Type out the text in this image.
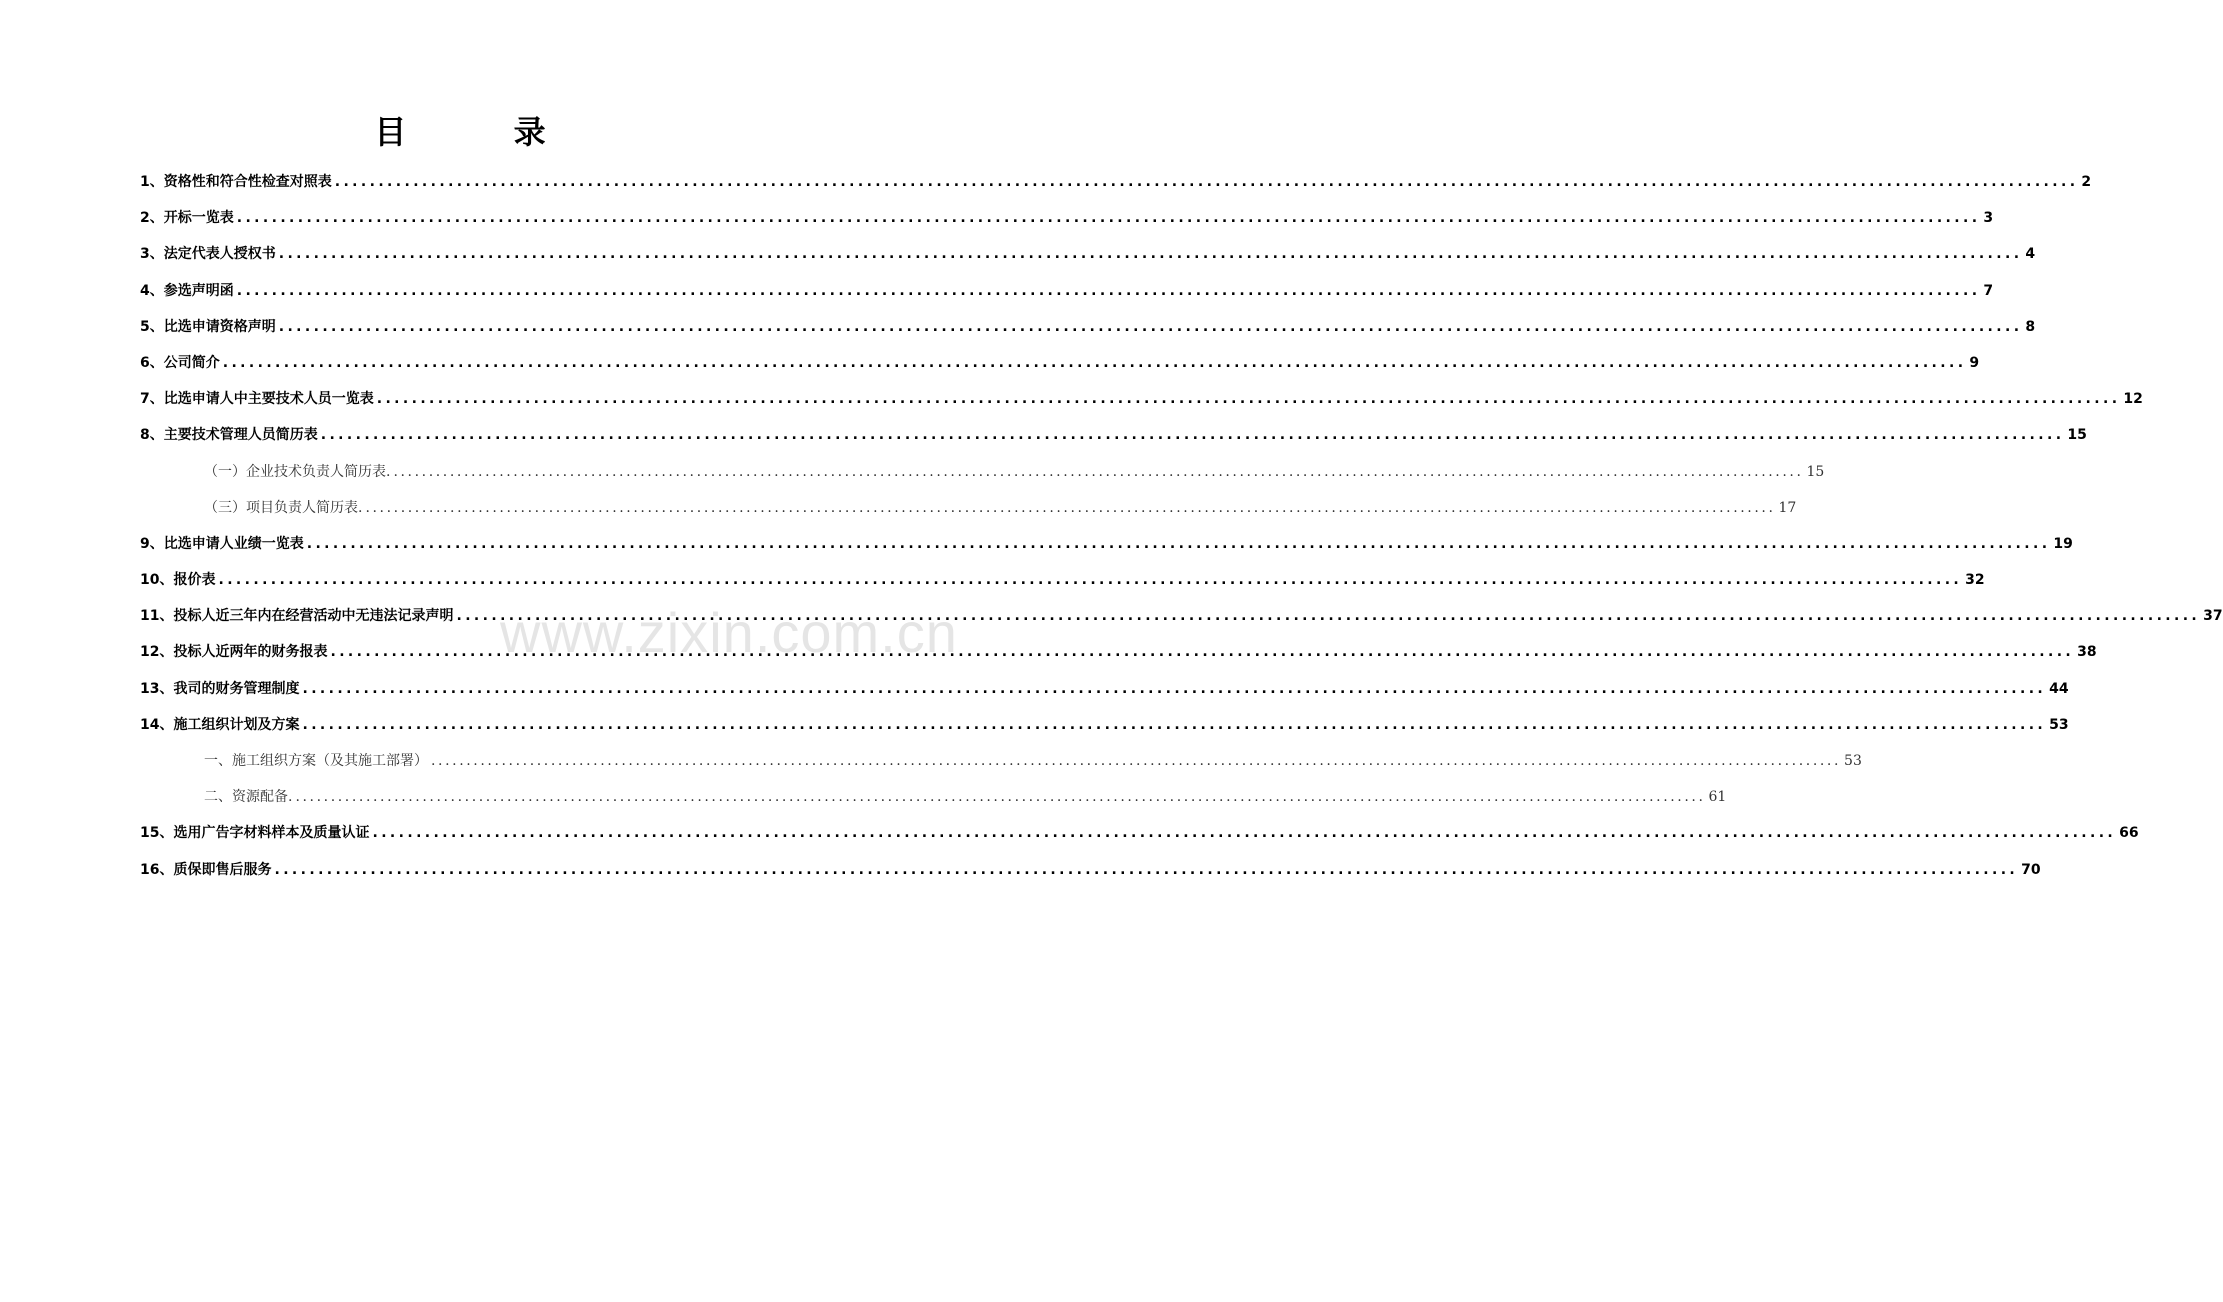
目 录
1、资格性和符合性检查对照表 ........................................................................................................................................................................................................ 2
2、开标一览表 ........................................................................................................................................................................................................ 3
3、法定代表人授权书 ........................................................................................................................................................................................................ 4
4、参选声明函 ........................................................................................................................................................................................................ 7
5、比选申请资格声明 ........................................................................................................................................................................................................ 8
6、公司简介 ........................................................................................................................................................................................................ 9
7、比选申请人中主要技术人员一览表 ........................................................................................................................................................................................................ 12
8、主要技术管理人员简历表 ........................................................................................................................................................................................................ 15
（一）企业技术负责人简历表. ........................................................................................................................................................................................................ 15
（三）项目负责人简历表. ........................................................................................................................................................................................................ 17
9、比选申请人业绩一览表 ........................................................................................................................................................................................................ 19
10、报价表 ........................................................................................................................................................................................................ 32
11、投标人近三年内在经营活动中无违法记录声明 ........................................................................................................................................................................................................ 37
12、投标人近两年的财务报表 ........................................................................................................................................................................................................ 38
13、我司的财务管理制度 ........................................................................................................................................................................................................ 44
14、施工组织计划及方案 ........................................................................................................................................................................................................ 53
一、施工组织方案（及其施工部署） ........................................................................................................................................................................................................ 53
二、资源配备. ........................................................................................................................................................................................................ 61
15、选用广告字材料样本及质量认证 ........................................................................................................................................................................................................ 66
16、质保即售后服务 ........................................................................................................................................................................................................ 70
www.zixin.com.cn
